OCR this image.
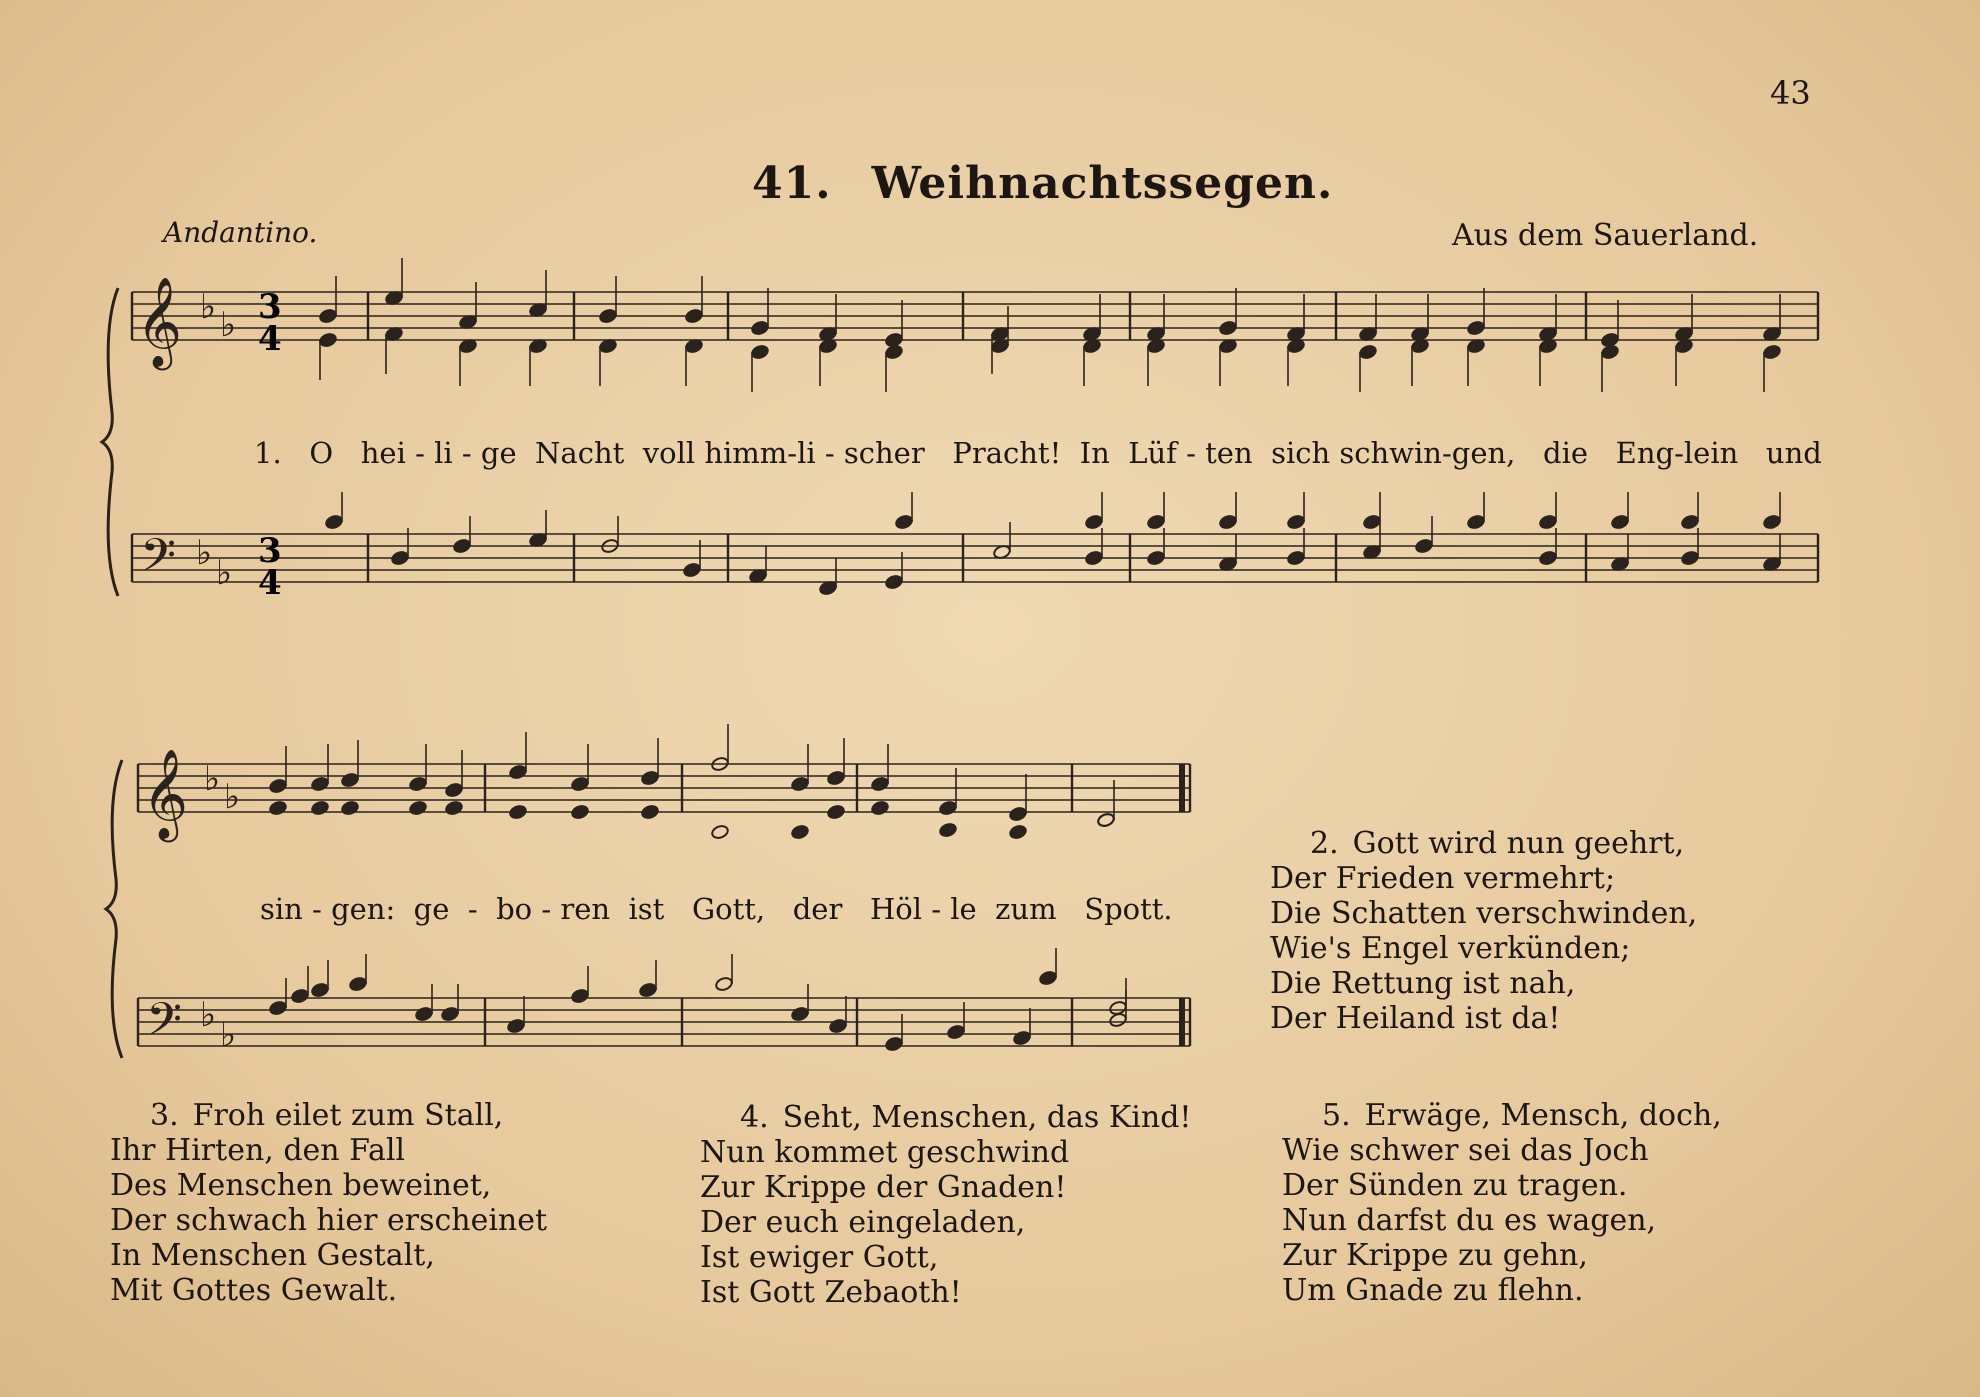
43
41. Weihnachtssegen.
Andantino.	Aus dem Sauerland.
𝄞
𝄢
𝄞
𝄢
♭ ♭
♭ ♭
♭ ♭
♭ ♭
3
4
3
4
1.   O   hei - li - ge  Nacht  voll himm-li - scher   Pracht!  In  Lüf - ten  sich schwin-gen,   die   Eng-lein   und
sin - gen:  ge  -  bo - ren  ist   Gott,   der   Höl - le  zum   Spott.
2. Gott wird nun geehrt,
Der Frieden vermehrt;
Die Schatten verschwinden,
Wie's Engel verkünden;
Die Rettung ist nah,
Der Heiland ist da!
3. Froh eilet zum Stall,
Ihr Hirten, den Fall
Des Menschen beweinet,
Der schwach hier erscheinet
In Menschen Gestalt,
Mit Gottes Gewalt.
4. Seht, Menschen, das Kind!
Nun kommet geschwind
Zur Krippe der Gnaden!
Der euch eingeladen,
Ist ewiger Gott,
Ist Gott Zebaoth!
5. Erwäge, Mensch, doch,
Wie schwer sei das Joch
Der Sünden zu tragen.
Nun darfst du es wagen,
Zur Krippe zu gehn,
Um Gnade zu flehn.
